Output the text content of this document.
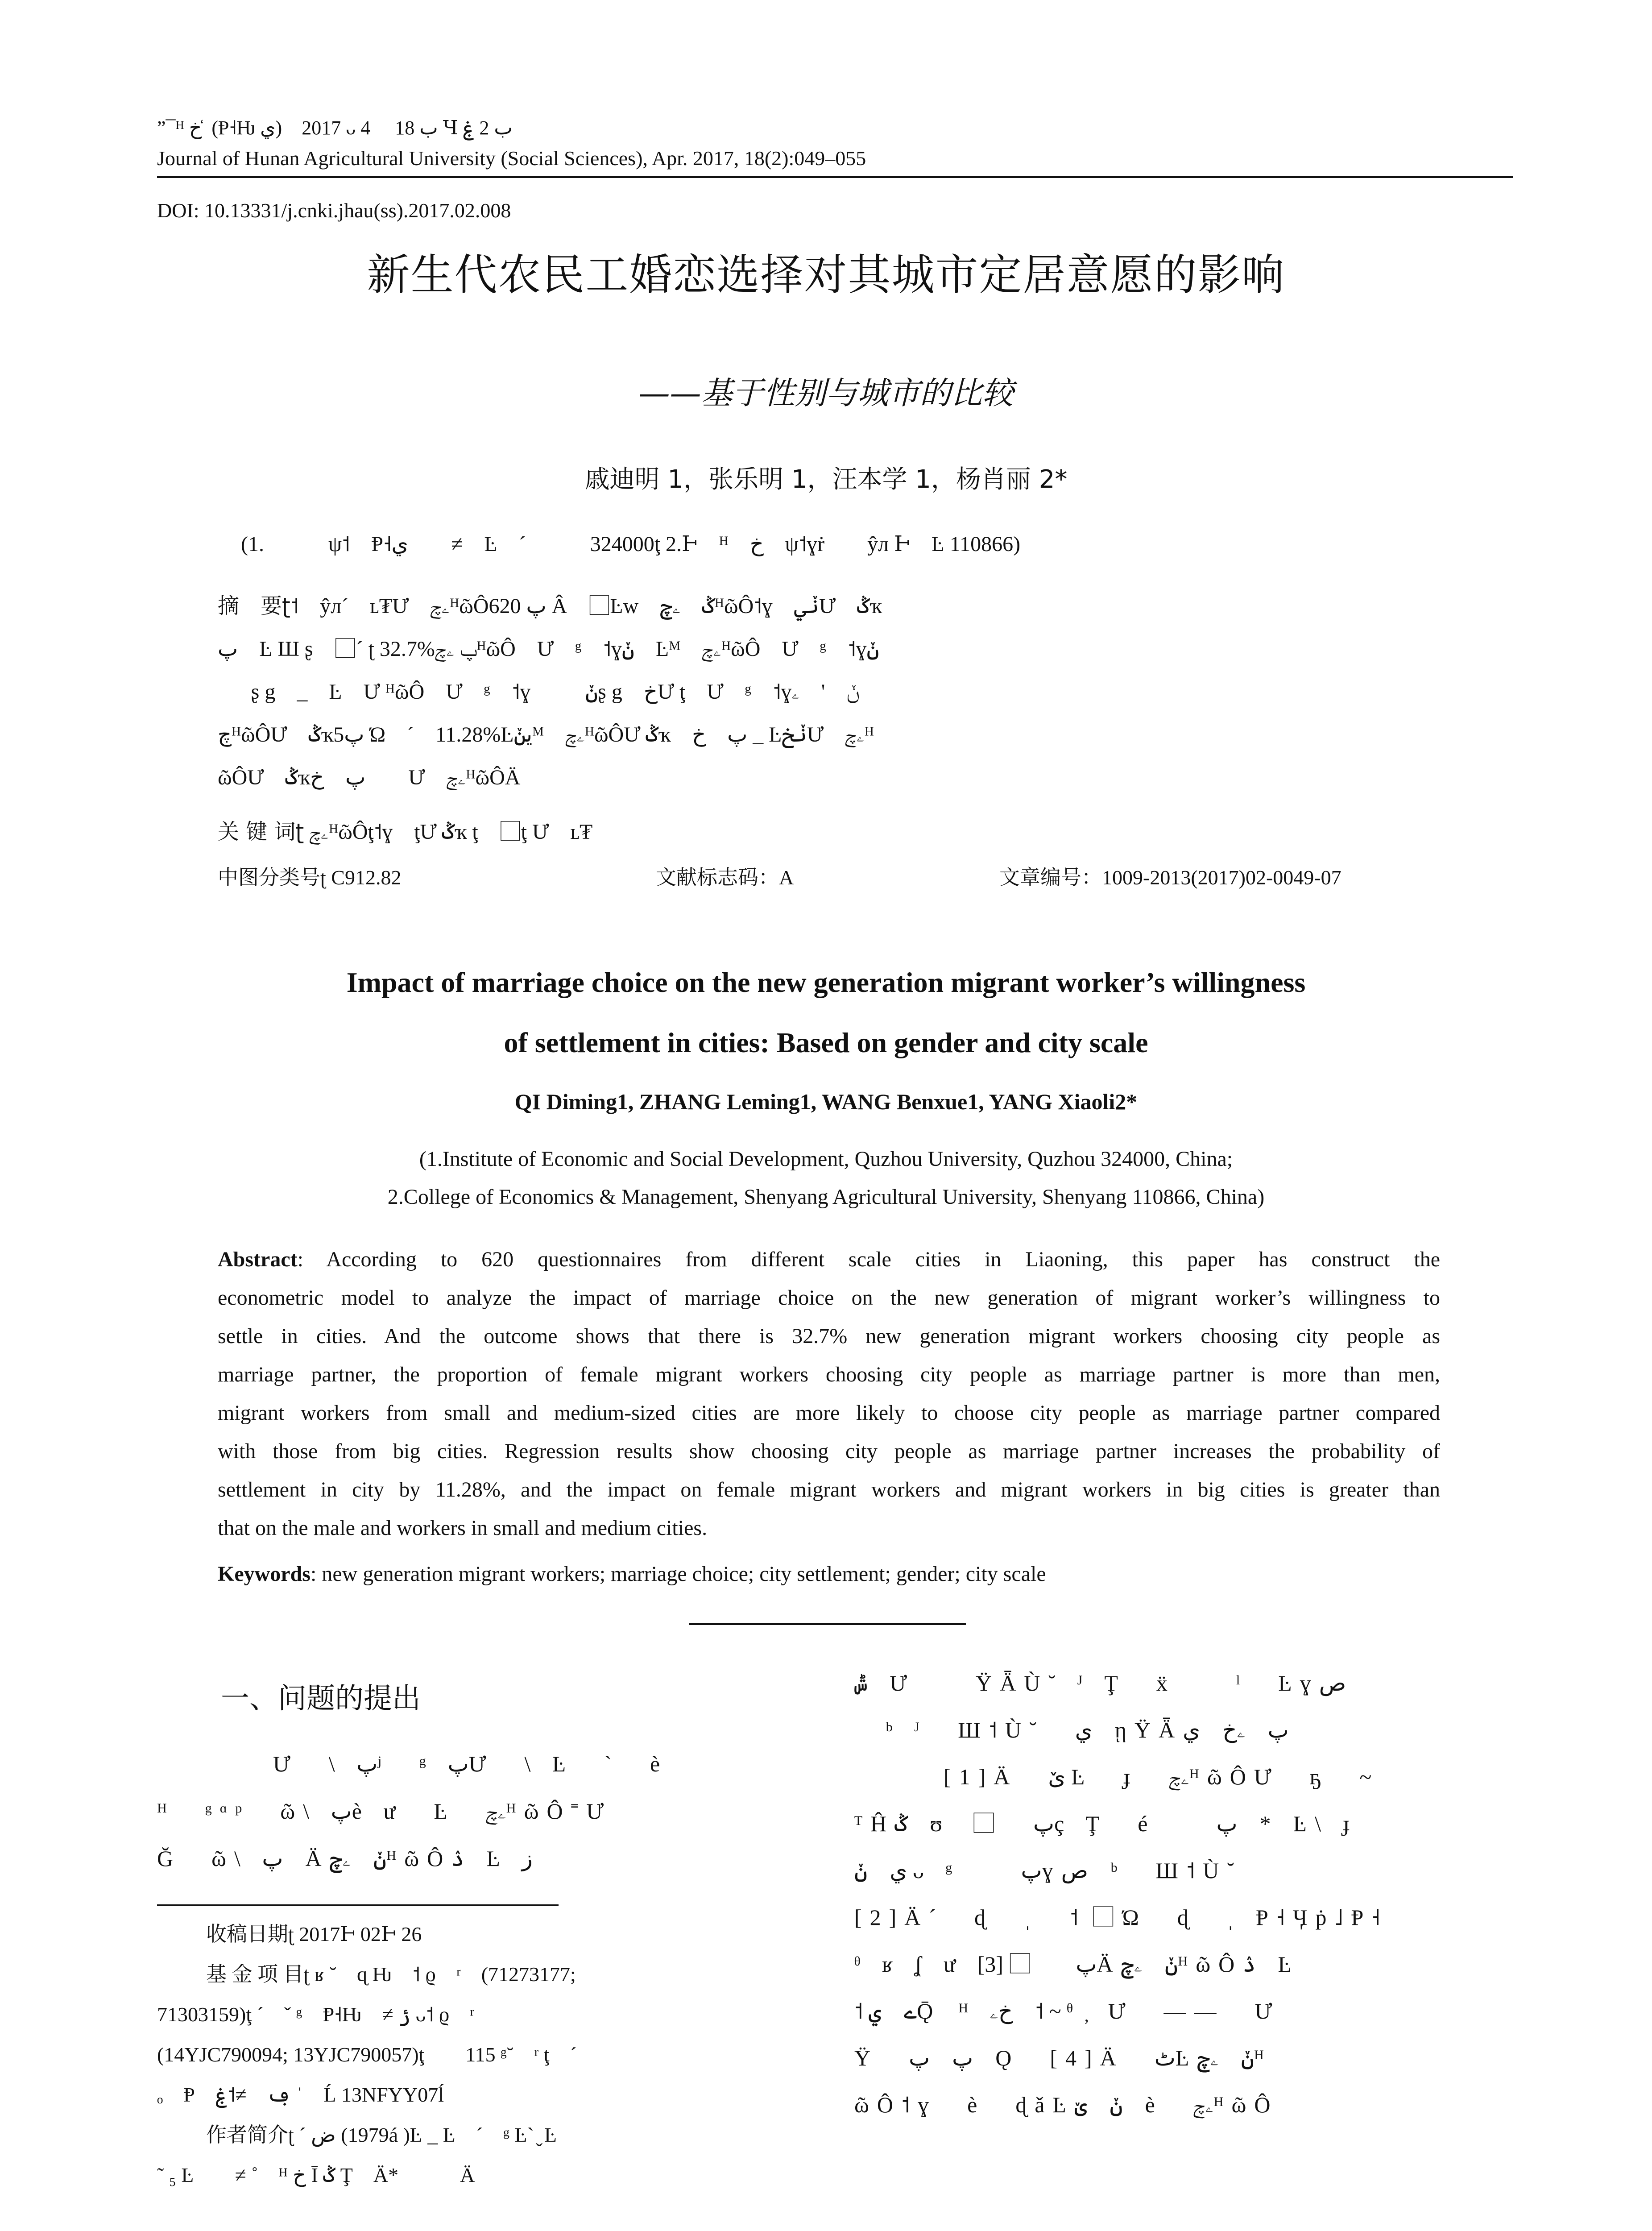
”¯ᴴ خ ̒ (Ᵽ˧Ƕ ي)　2017 ᴗ 4　 ب 18 Ɥ ب 2 ۼ
Journal of Hunan Agricultural University (Social Sciences), Apr. 2017, 18(2):049–055
DOI: 10.13331/j.cnki.jhau(ss).2017.02.008
新生代农民工婚恋选择对其城市定居意愿的影响
——基于性别与城市的比较
戚迪明 1，张乐明 1，汪本学 1，杨肖丽 2*
(1.　　　ψ˦　Ᵽ˧ي　　≠　Ŀ　´　　　324000ţ 2.Ͱ　ᴴ　خ　ψ˦ɣṙ　　ŷл Ͱ　Ŀ 110866)
摘　要ʈ˦　ŷл´　ʟ₮Ư　ۦچᴴῶÔپ 620 Â　⃞Ŀᴡ　ݣ　ۦچᴴῶÔ˦ɣ　ݩيƯ　ݣҡ
پ　Ŀ Ш ʂ　⃞´ ʈ 32.7%پ ۦچᴴῶÔ　Ư　ᵍ　˦ɣݩ　Ŀᴹ　ۦچᴴῶÔ　Ư　ᵍ　˦ɣݩ
پ⃞ʂ g　_　Ŀ　Ư ᴴῶÔ　Ư　ᵍ　˦ɣݩ　پ⃞ʂ g　خƯ ţ　Ư　ᵍ　˦ɣݩ　'　ۦ
چᴴῶÔƯ　ݣҡپ5 Ώ　´　11.28%Ŀيݩᴹ　ۦچᴴῶÔƯ ݣҡ　پ　خ _ ĿݩخƯ　ۦچᴴ
ῶÔƯ　ݣҡپ　خ　　Ư　ۦچᴴῶÔÄ
关 键 词ʈ ۦچᴴῶÔţ˦ɣ　ţƯ ݣҡ ţ　⃞ţ Ư　ʟ₮
中图分类号ʈ C912.82	文献标志码：A	文章编号：1009-2013(2017)02-0049-07
Impact of marriage choice on the new generation migrant worker’s willingness
of settlement in cities: Based on gender and city scale
QI Diming1, ZHANG Leming1, WANG Benxue1, YANG Xiaoli2*
(1.Institute of Economic and Social Development, Quzhou University, Quzhou 324000, China;
2.College of Economics & Management, Shenyang Agricultural University, Shenyang 110866, China)
Abstract: According to 620 questionnaires from different scale cities in Liaoning, this paper has construct the
econometric model to analyze the impact of marriage choice on the new generation of migrant worker’s willingness to
settle in cities. And the outcome shows that there is 32.7% new generation migrant workers choosing city people as
marriage partner, the proportion of female migrant workers choosing city people as marriage partner is more than men,
migrant workers from small and medium-sized cities are more likely to choose city people as marriage partner compared
with those from big cities. Regression results show choosing city people as marriage partner increases the probability of
settlement in city by 11.28%, and the impact on female migrant workers and migrant workers in big cities is greater than
that on the male and workers in small and medium cities.
Keywords: new generation migrant workers; marriage choice; city settlement; gender; city scale
一、问题的提出
Ư　\ پʲ　ᵍ پƯ　\ Ŀ　`　è
ᴴ　ᵍᵅᵖ　ῶ\ پè ư　Ŀ　ۦچᴴῶÔ˭Ư
Ğ　ῶ\ پ　Äݩ　ۦچᴴῶÔۮ　Ŀ ز
收稿日期ʈ 2017Ͱ 02Ͱ 26
基 金 项 目ʈ ʁ ˘　ɋ Ƕ　˦ ϱ　ʳ　(71273177;
71303159)ţ ´　ˇ ᵍ　Ᵽ˧Ƕ　≠ ݬ ᴗ˦ ϱ　ʳ
(14YJC790094; 13YJC790057)ţ　　115 ᵍ˘　ʳ ţ　´
ₒ　Ᵽ　ڢ　≠˦ۼ ˈ　Ĺ 13NFYY07ĺ
作者简介ʈ ´ ض (1979á )Ŀ _ Ŀ　´　ᵍ Ŀ` ̬ Ŀ
˜ ₅ Ŀ　　≠ ˚　ᴴ خ Ī ݣ Ţ　Ä*　　　Ä
ݰ　Ư　　ŸǞÙ˘ ᴶ Ţ　ẍ　　ˡ　Ŀɣص
ᵇ ᴶ　Ш˦Ù˘　ي　ῃŸǞپ　ۦخ　ي
[1]Ä　ێ Ŀ　ɟ　ۦچᴴῶÔƯ　ҕ　~
ᵀĤݣ　ʊ　⃞　پç Ţ　é　　پ　*　Ŀ\ ɟ
ي　ݩ ᴗ ᵍ　　پɣص　ᵇ　Ш˦Ù˘
[2]Ä´　ɖ　ˌ　˦ ⃞Ώ　ɖ　ˌ Ᵽ˧Ӌṗ˩Ᵽ˧
ᶿ ʁ ʆ ư پ　　⃞ [3]Äݩ　ۦچᴴῶÔۮ　Ŀ
˦ ے　يǬ⃞ᴴ خۦ　˦ ~ ᶿ ̦ Ư　——　Ư
Ÿ　پ　پ　Ǫ　[4]Ä　ٹĿݩ　ۦچᴴ
ῶÔ˦ɣ　è　ɖǎĿݩ　ێ　è　ۦچᴴῶÔ
